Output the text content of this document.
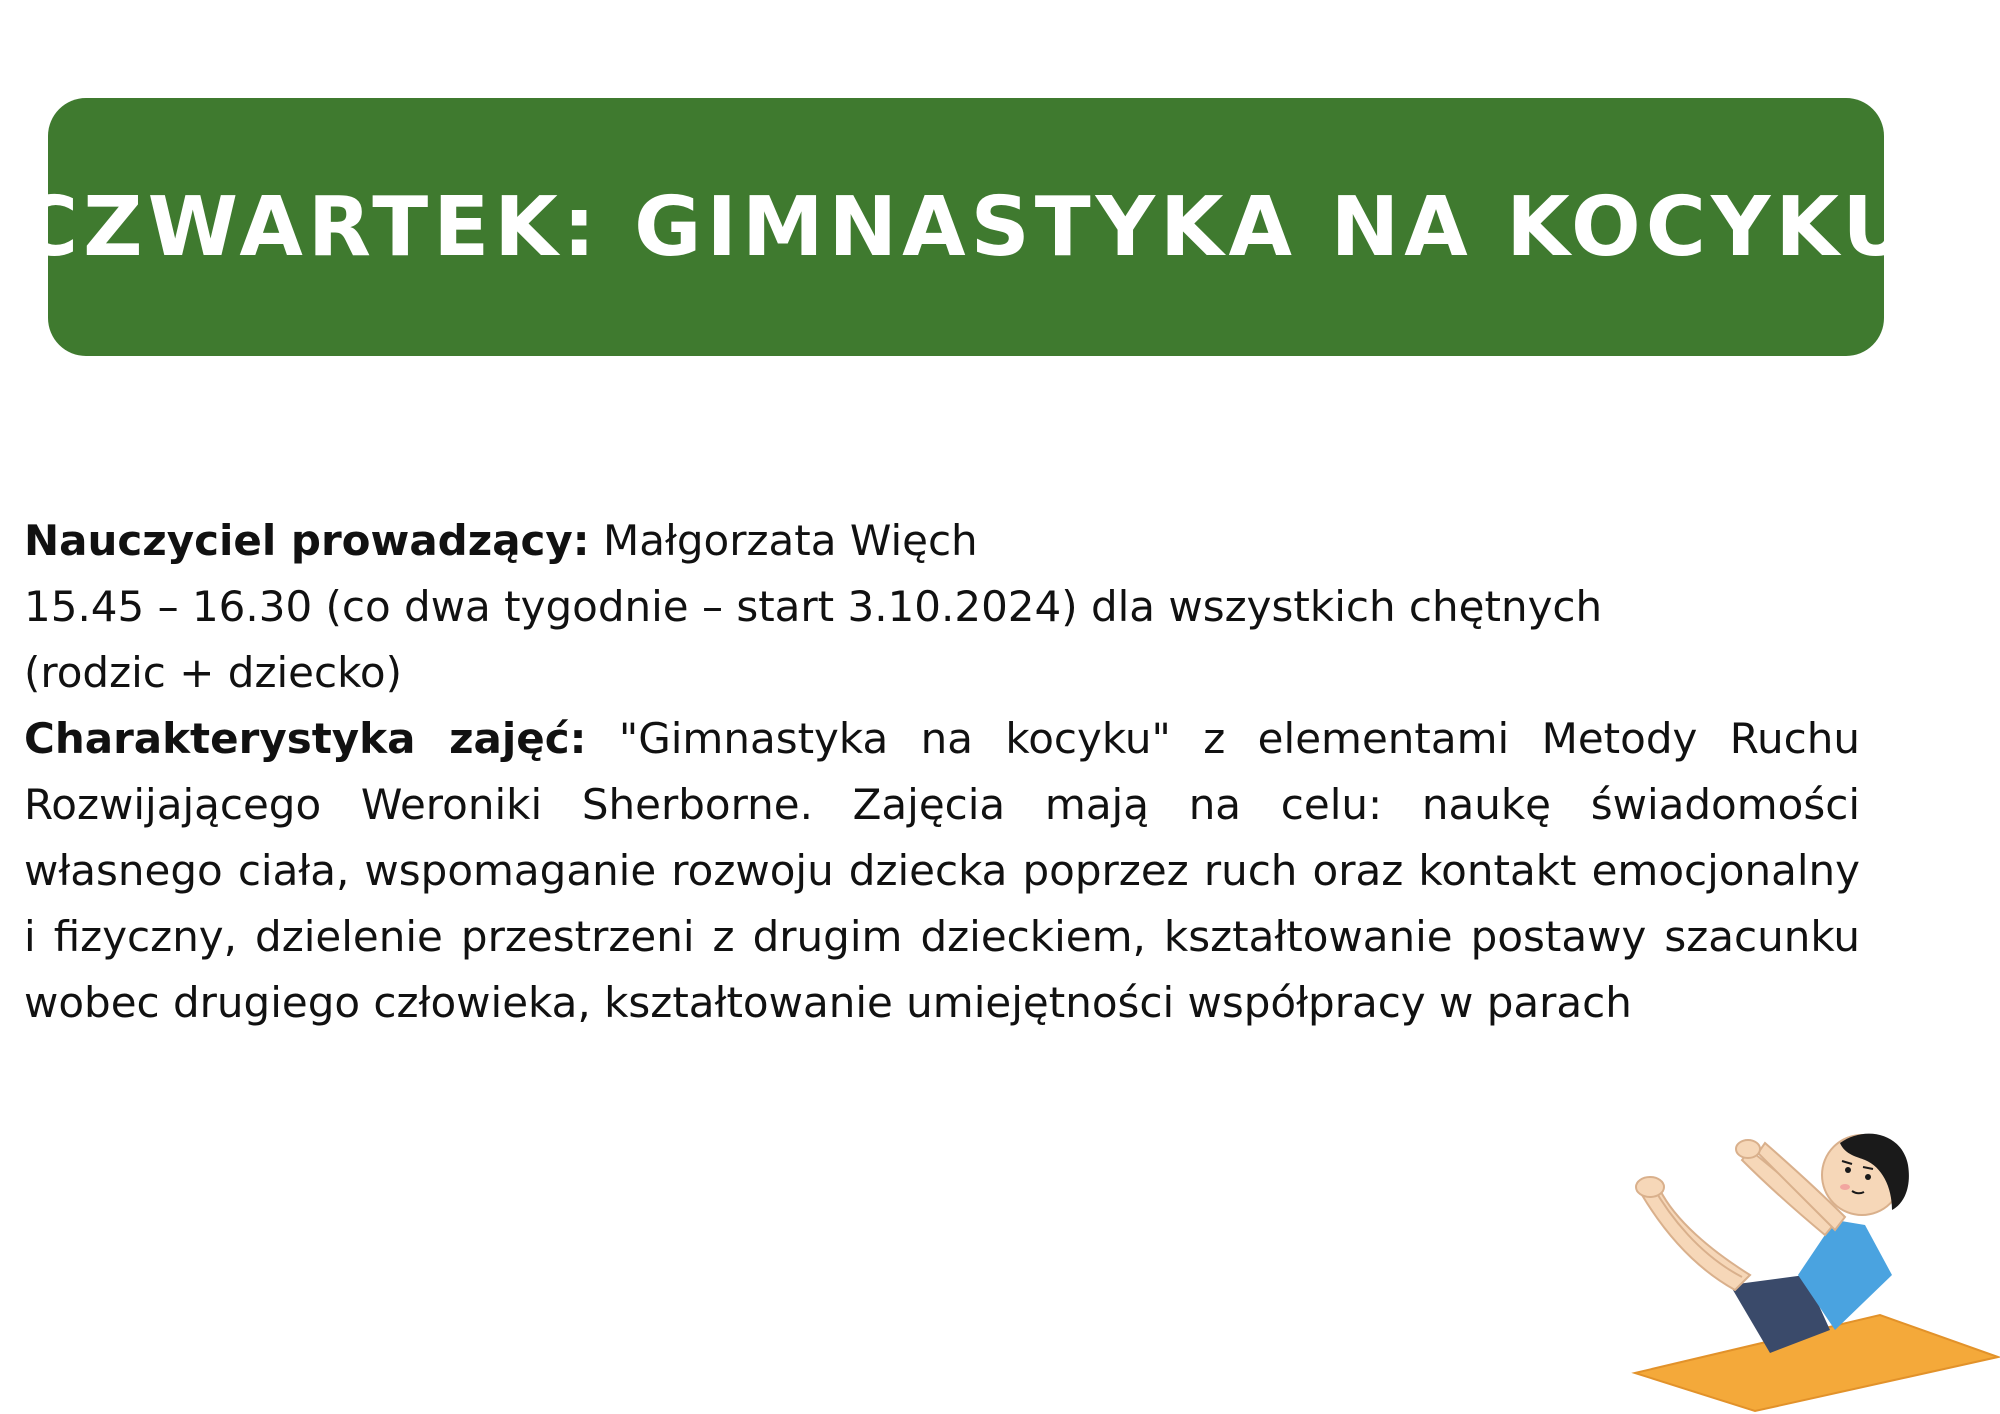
CZWARTEK: GIMNASTYKA NA KOCYKU
Nauczyciel prowadzący: Małgorzata Więch
15.45 – 16.30 (co dwa tygodnie – start 3.10.2024) dla wszystkich chętnych
(rodzic + dziecko)
Charakterystyka zajęć: "Gimnastyka na kocyku" z elementami Metody Ruchu Rozwijającego Weroniki Sherborne. Zajęcia mają na celu: naukę świadomości własnego ciała, wspomaganie rozwoju dziecka poprzez ruch oraz kontakt emocjonalny i fizyczny, dzielenie przestrzeni z drugim dzieckiem, kształtowanie postawy szacunku wobec drugiego człowieka, kształtowanie umiejętności współpracy w parach
